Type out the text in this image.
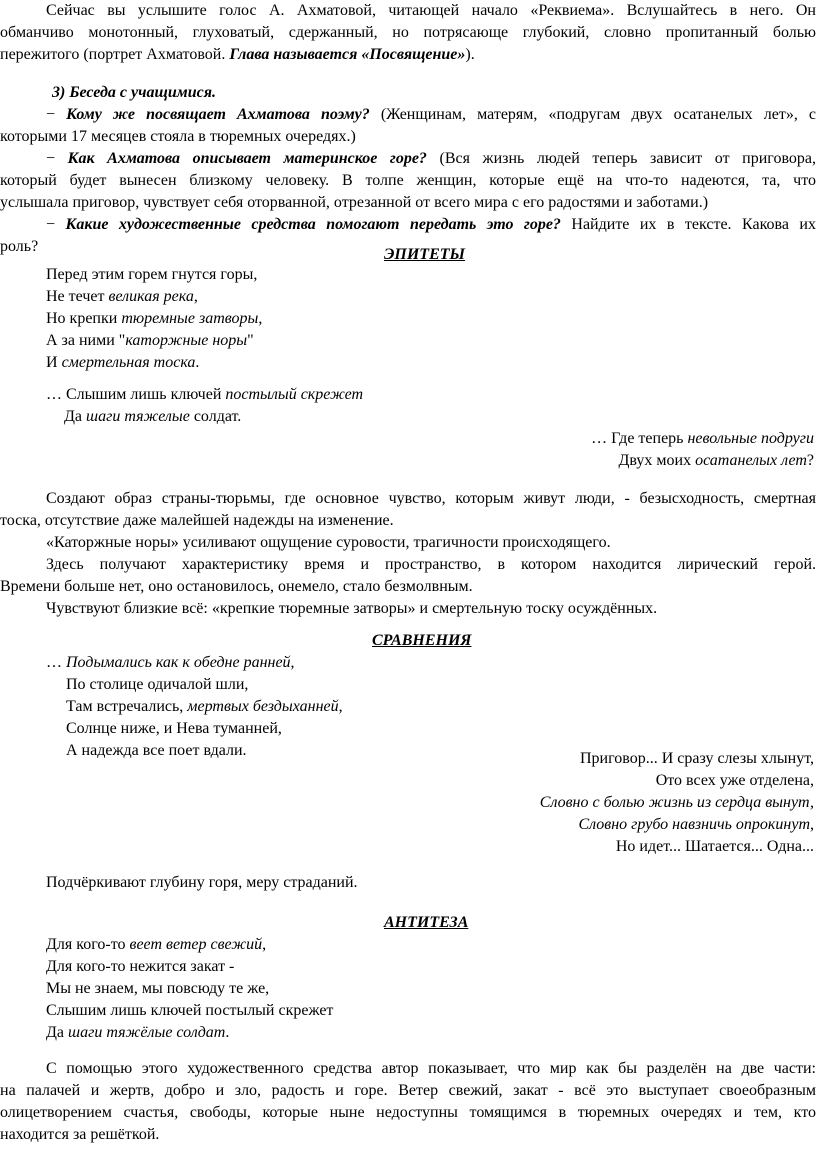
Сейчас вы услышите голос А. Ахматовой, читающей начало «Реквиема». Вслушайтесь в него. Он
обманчиво монотонный, глуховатый, сдержанный, но потрясающе глубокий, словно пропитанный болью
пережитого (портрет Ахматовой. Глава называется «Посвящение»).
3) Беседа с учащимися.
− Кому же посвящает Ахматова поэму? (Женщинам, матерям, «подругам двух осатанелых лет», с
которыми 17 месяцев стояла в тюремных очередях.)
− Как Ахматова описывает материнское горе? (Вся жизнь людей теперь зависит от приговора,
который будет вынесен близкому человеку. В толпе женщин, которые ещё на что-то надеются, та, что
услышала приговор, чувствует себя оторванной, отрезанной от всего мира с его радостями и заботами.)
− Какие художественные средства помогают передать это горе? Найдите их в тексте. Какова их
роль?	ЭПИТЕТЫ
Перед этим горем гнутся горы,
Не течет великая река,
Но крепки тюремные затворы,
А за ними "каторжные норы"
И смертельная тоска.
… Слышим лишь ключей постылый скрежет
Да шаги тяжелые солдат.
… Где теперь невольные подруги
Двух моих осатанелых лет?
Создают образ страны-тюрьмы, где основное чувство, которым живут люди, - безысходность, смертная
тоска, отсутствие даже малейшей надежды на изменение.
«Каторжные норы» усиливают ощущение суровости, трагичности происходящего.
Здесь получают характеристику время и пространство, в котором находится лирический герой.
Времени больше нет, оно остановилось, онемело, стало безмолвным.
Чувствуют близкие всё: «крепкие тюремные затворы» и смертельную тоску осуждённых.
СРАВНЕНИЯ
… Подымались как к обедне ранней,
По столице одичалой шли,
Там встречались, мертвых бездыханней,
Солнце ниже, и Нева туманней,
А надежда все поет вдали.	Приговор... И сразу слезы хлынут,
Ото всех уже отделена,
Словно с болью жизнь из сердца вынут,
Словно грубо навзничь опрокинут,
Но идет... Шатается... Одна...
Подчёркивают глубину горя, меру страданий.
АНТИТЕЗА
Для кого-то веет ветер свежий,
Для кого-то нежится закат -
Мы не знаем, мы повсюду те же,
Слышим лишь ключей постылый скрежет
Да шаги тяжёлые солдат.
С помощью этого художественного средства автор показывает, что мир как бы разделён на две части:
на палачей и жертв, добро и зло, радость и горе. Ветер свежий, закат - всё это выступает своеобразным
олицетворением счастья, свободы, которые ныне недоступны томящимся в тюремных очередях и тем, кто
находится за решёткой.
